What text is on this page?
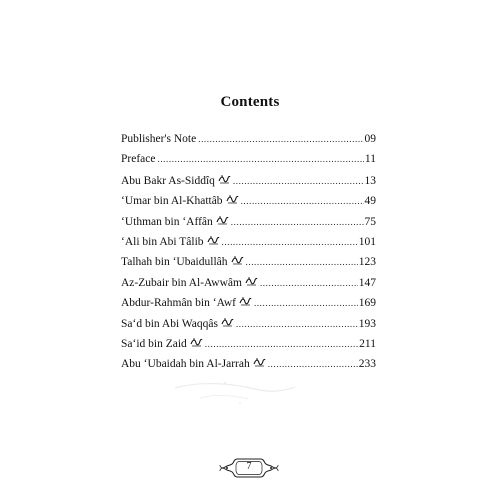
Contents
Publisher's Note .....	09
Preface .....	11
Abu Bakr As-Siddîq .....	13
‘Umar bin Al-Khattâb .....	49
‘Uthman bin ‘Affân .....	75
‘Ali bin Abi Tâlib .....	101
Talhah bin ‘Ubaidullâh .....	123
Az-Zubair bin Al-Awwâm .....	147
Abdur-Rahmân bin ‘Awf .....	169
Sa‘d bin Abi Waqqâs .....	193
Sa‘id bin Zaid .....	211
Abu ‘Ubaidah bin Al-Jarrah .....	233
7
